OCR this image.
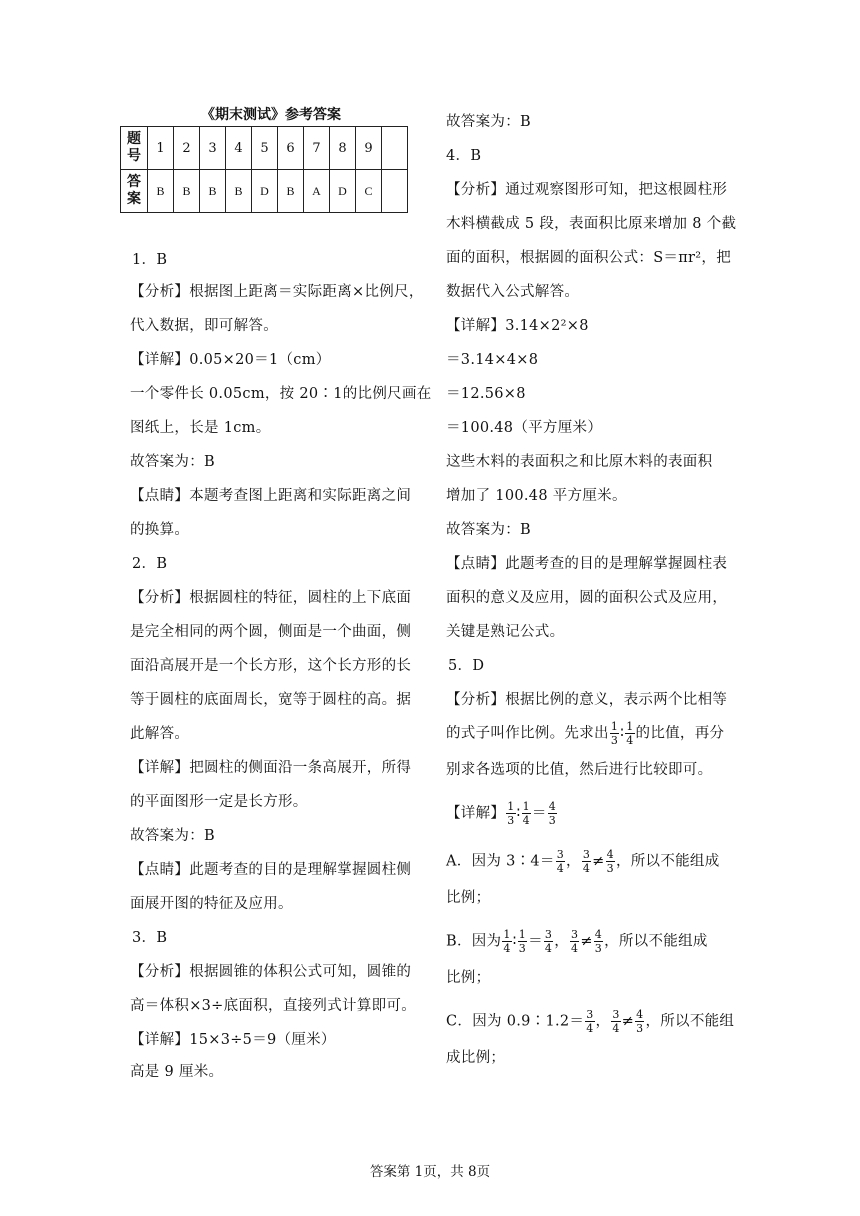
《期末测试》参考答案
题号	1	2	3	4	5	6	7	8	9	
答案	B	B	B	B	D	B	A	D	C	
1．B
【分析】根据图上距离＝实际距离×比例尺，
代入数据，即可解答。
【详解】0.05×20＝1（cm）
一个零件长 0.05cm，按 20∶1的比例尺画在
图纸上，长是 1cm。
故答案为：B
【点睛】本题考查图上距离和实际距离之间
的换算。
2．B
【分析】根据圆柱的特征，圆柱的上下底面
是完全相同的两个圆，侧面是一个曲面，侧
面沿高展开是一个长方形，这个长方形的长
等于圆柱的底面周长，宽等于圆柱的高。据
此解答。
【详解】把圆柱的侧面沿一条高展开，所得
的平面图形一定是长方形。
故答案为：B
【点睛】此题考查的目的是理解掌握圆柱侧
面展开图的特征及应用。
3．B
【分析】根据圆锥的体积公式可知，圆锥的
高＝体积×3÷底面积，直接列式计算即可。
【详解】15×3÷5＝9（厘米）
高是 9 厘米。
故答案为：B
4．B
【分析】通过观察图形可知，把这根圆柱形
木料横截成 5 段，表面积比原来增加 8 个截
面的面积，根据圆的面积公式：S＝πr²，把
数据代入公式解答。
【详解】3.14×2²×8
＝3.14×4×8
＝12.56×8
＝100.48（平方厘米）
这些木料的表面积之和比原木料的表面积
增加了 100.48 平方厘米。
故答案为：B
【点睛】此题考查的目的是理解掌握圆柱表
面积的意义及应用，圆的面积公式及应用，
关键是熟记公式。
5．D
【分析】根据比例的意义，表示两个比相等
的式子叫作比例。先求出 $\frac{1}{3}$ ∶ $\frac{1}{4}$ 的比值，再分
别求各选项的比值，然后进行比较即可。
【详解】 $\frac{1}{3}$ ∶ $\frac{1}{4} = \frac{4}{3}$
A．因为 3∶4＝ $\frac{3}{4}$ ， $\frac{3}{4} \ne \frac{4}{3}$ ，所以不能组成
比例；
B．因为 $\frac{1}{4}$ ∶ $\frac{1}{3} = \frac{3}{4}$ ， $\frac{3}{4} \ne \frac{4}{3}$ ，所以不能组成
比例；
C．因为 0.9∶1.2＝ $\frac{3}{4}$ ， $\frac{3}{4} \ne \frac{4}{3}$ ，所以不能组
成比例；
答案第 1页，共 8页
